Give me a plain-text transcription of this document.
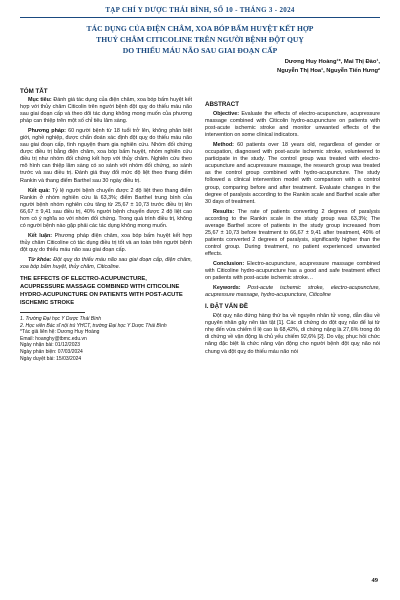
TẠP CHÍ Y DƯỢC THÁI BÌNH, SỐ 10 - THÁNG 3 - 2024
TÁC DỤNG CỦA ĐIỆN CHÂM, XOA BÓP BẤM HUYỆT KẾT HỢP
THUỶ CHÂM CITICOLINE TRÊN NGƯỜI BỆNH ĐỘT QUỴ
DO THIẾU MÁU NÃO SAU GIAI ĐOẠN CẤP
Dương Huy Hoàng¹*, Mai Thị Đào¹,
Nguyễn Thị Hoa¹, Nguyễn Tiến Hưng²
TÓM TẮT

Mục tiêu: Đánh giá tác dụng của điện châm, xoa bóp bấm huyệt kết hợp với thủy châm Citicolin trên người bệnh đột quỵ do thiếu máu não sau giai đoạn cấp và theo dõi tác dụng không mong muốn của phương pháp can thiệp trên một số chỉ tiêu lâm sàng.

Phương pháp: 60 người bệnh từ 18 tuổi trở lên, không phân biệt giới, nghề nghiệp, được chẩn đoán xác định đột quỵ do thiếu máu não sau giai đoạn cấp, tình nguyện tham gia nghiên cứu. Nhóm đối chứng được điều trị bằng điện châm, xoa bóp bấm huyệt, nhóm nghiên cứu điều trị như nhóm đối chứng kết hợp với thủy châm. Nghiên cứu theo mô hình can thiệp lâm sàng có so sánh với nhóm đối chứng, so sánh trước và sau điều trị. Đánh giá thay đổi mức độ liệt theo thang điểm Rankin và thang điểm Barthel sau 30 ngày điều trị.

Kết quả: Tỷ lệ người bệnh chuyển được 2 độ liệt theo thang điểm Rankin ở nhóm nghiên cứu là 63,3%; điểm Barthel trung bình của người bệnh nhóm nghiên cứu tăng từ 25,67 ± 10,73 trước điều trị lên 66,67 ± 9,41 sau điều trị, 40% người bệnh chuyển được 2 độ liệt cao hơn có ý nghĩa so với nhóm đối chứng. Trong quá trình điều trị, không có người bệnh nào gặp phải các tác dụng không mong muốn.

Kết luận: Phương pháp điện châm, xoa bóp bấm huyệt kết hợp thủy châm Citicoline có tác dụng điều trị tốt và an toàn trên người bệnh đột quỵ do thiếu máu não sau giai đoạn cấp.

Từ khóa: Đột quỵ do thiếu máu não sau giai đoạn cấp, điện châm, xoa bóp bấm huyệt, thủy châm, Citicoline.

THE EFFECTS OF ELECTRO-ACUPUNCTURE, ACUPRESSURE MASSAGE COMBINED WITH CITICOLINE HYDRO-ACUPUNCTURE ON PATIENTS WITH POST-ACUTE ISCHEMIC STROKE

1. Trường Đại học Y Dược Thái Bình
2. Học viên Bác sĩ nội trú YHCT, trường Đại học Y Dược Thái Bình
*Tác giả liên hệ: Dương Huy Hoàng
Email: hoanghy@tbmc.edu.vn
Ngày nhận bài: 01/12/2023
Ngày phản biện: 07/03/2024
Ngày duyệt bài: 15/03/2024
ABSTRACT

Objective: Evaluate the effects of electro-acupuncture, acupressure massage combined with Citicolin hydro-acupuncture on patients with post-acute ischemic stroke and monitor unwanted effects of the intervention on some clinical indicators.

Method: 60 patients over 18 years old, regardless of gender or occupation, diagnosed with post-acute ischemic stroke, volunteered to participate in the study. The control group was treated with electro-acupuncture and acupressure massage, the research group was treated as the control group combined with hydro-acupuncture. The study followed a clinical intervention model with comparison with a control group, comparing before and after treatment. Evaluate changes in the degree of paralysis according to the Rankin scale and Barthel scale after 30 days of treatment.

Results: The rate of patients converting 2 degrees of paralysis according to the Rankin scale in the study group was 63,3%; The average Barthel score of patients in the study group increased from 25,67 ± 10,73 before treatment to 66,67 ± 9,41 after treatment, 40% of patients converted 2 degrees of paralysis, significantly higher than the control group. During treatment, no patient experienced unwanted effects.

Conclusion: Electro-acupuncture, acupressure massage combined with Citicoline hydro-acupuncture has a good and safe treatment effect on patients with post-acute ischemic stroke…

Keywords: Post-acute ischemic stroke, electro-acupuncture, acupressure massage, hydro-acupuncture, Citicoline

I. ĐẶT VẤN ĐỀ

Đột quỵ não đứng hàng thứ ba về nguyên nhân tử vong, dẫn đầu về nguyên nhân gây nên tàn tật [1]. Các di chứng do đột quỵ não để lại từ nhẹ đến vừa chiếm tỉ lệ cao là 68,42%, di chứng nặng là 27,6% trong đó di chứng về vận động là chủ yếu chiếm 92,6% [2]. Do vậy, phục hồi chức năng đặc biệt là chức năng vận động cho người bệnh đột quỵ não nói chung và đột quỵ do thiếu máu não nói

49
